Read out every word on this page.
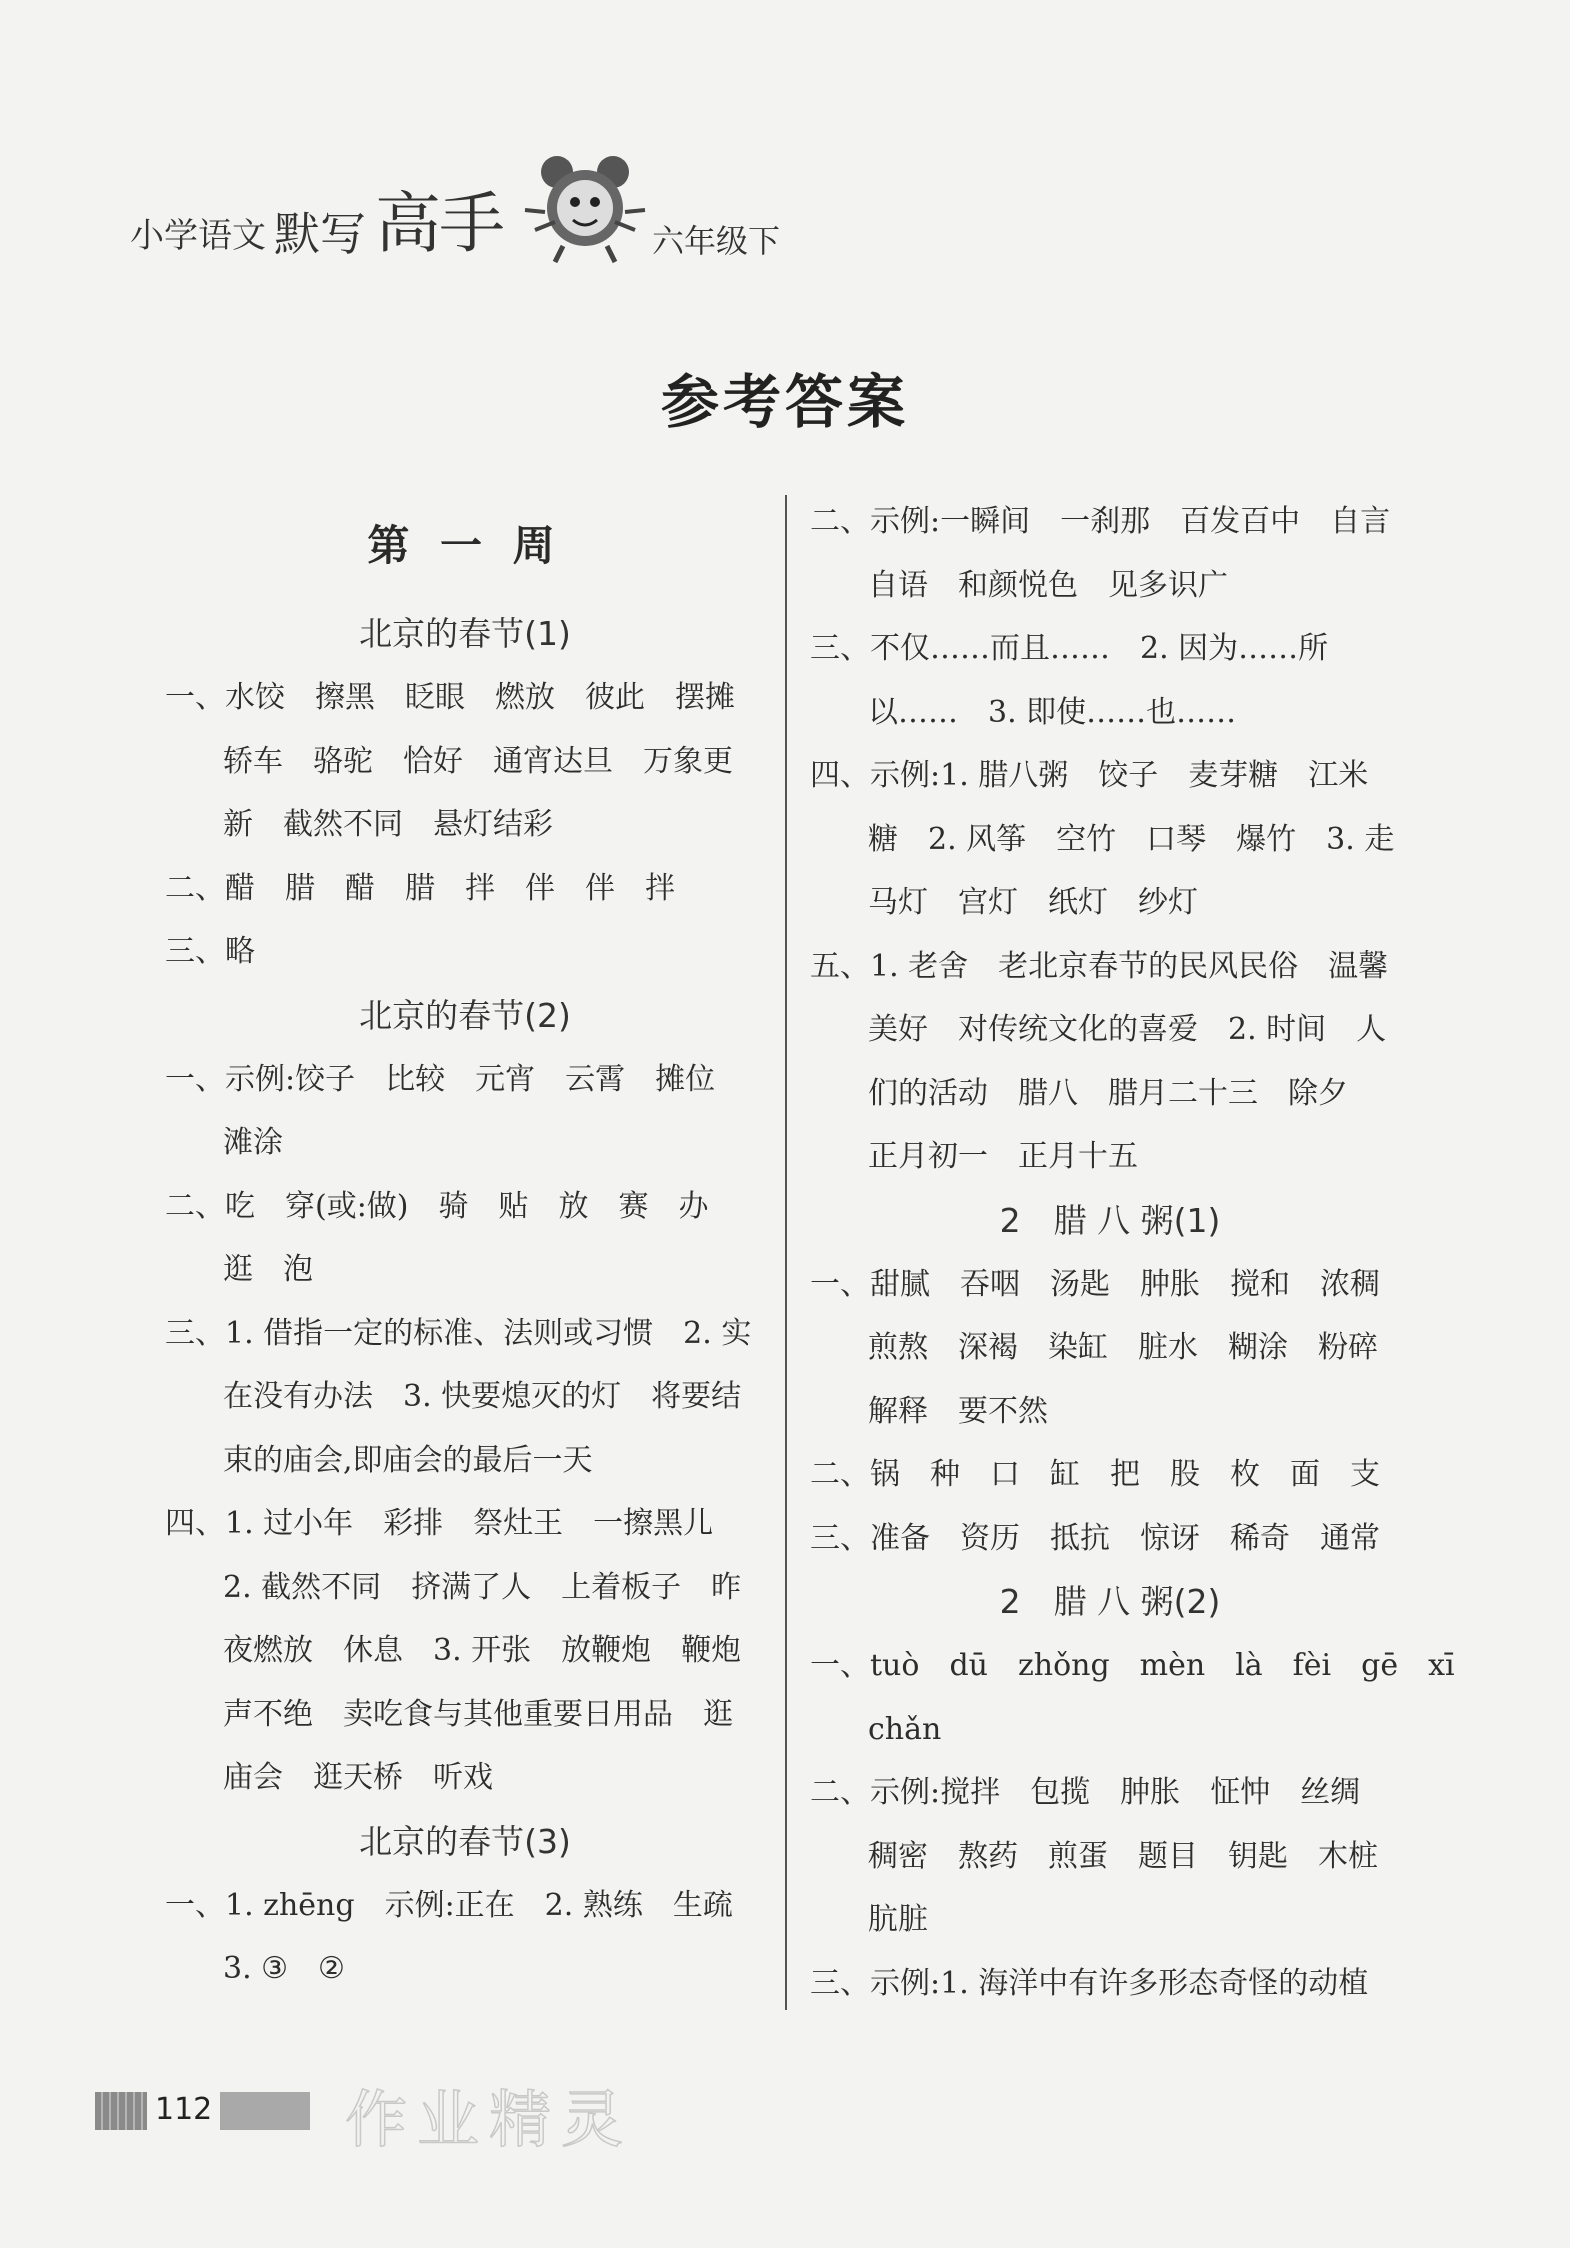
小学语文 默写 高手	六年级下
参考答案
第 一 周
北京的春节(1)
一、水饺　擦黑　眨眼　燃放　彼此　摆摊
轿车　骆驼　恰好　通宵达旦　万象更
新　截然不同　悬灯结彩
二、醋　腊　醋　腊　拌　伴　伴　拌
三、略
北京的春节(2)
一、示例:饺子　比较　元宵　云霄　摊位
滩涂
二、吃　穿(或:做)　骑　贴　放　赛　办
逛　泡
三、1. 借指一定的标准、法则或习惯　2. 实
在没有办法　3. 快要熄灭的灯　将要结
束的庙会,即庙会的最后一天
四、1. 过小年　彩排　祭灶王　一擦黑儿
2. 截然不同　挤满了人　上着板子　昨
夜燃放　休息　3. 开张　放鞭炮　鞭炮
声不绝　卖吃食与其他重要日用品　逛
庙会　逛天桥　听戏
北京的春节(3)
一、1. zhēng　示例:正在　2. 熟练　生疏
3. ③　②
二、示例:一瞬间　一刹那　百发百中　自言
自语　和颜悦色　见多识广
三、不仅……而且……　2. 因为……所
以……　3. 即使……也……
四、示例:1. 腊八粥　饺子　麦芽糖　江米
糖　2. 风筝　空竹　口琴　爆竹　3. 走
马灯　宫灯　纸灯　纱灯
五、1. 老舍　老北京春节的民风民俗　温馨
美好　对传统文化的喜爱　2. 时间　人
们的活动　腊八　腊月二十三　除夕
正月初一　正月十五
2　腊 八 粥(1)
一、甜腻　吞咽　汤匙　肿胀　搅和　浓稠
煎熬　深褐　染缸　脏水　糊涂　粉碎
解释　要不然
二、锅　种　口　缸　把　股　枚　面　支
三、准备　资历　抵抗　惊讶　稀奇　通常
2　腊 八 粥(2)
一、tuò　dū　zhǒng　mèn　là　fèi　gē　xī
chǎn
二、示例:搅拌　包揽　肿胀　怔忡　丝绸
稠密　熬药　煎蛋　题目　钥匙　木桩
肮脏
三、示例:1. 海洋中有许多形态奇怪的动植
112 作业精灵
